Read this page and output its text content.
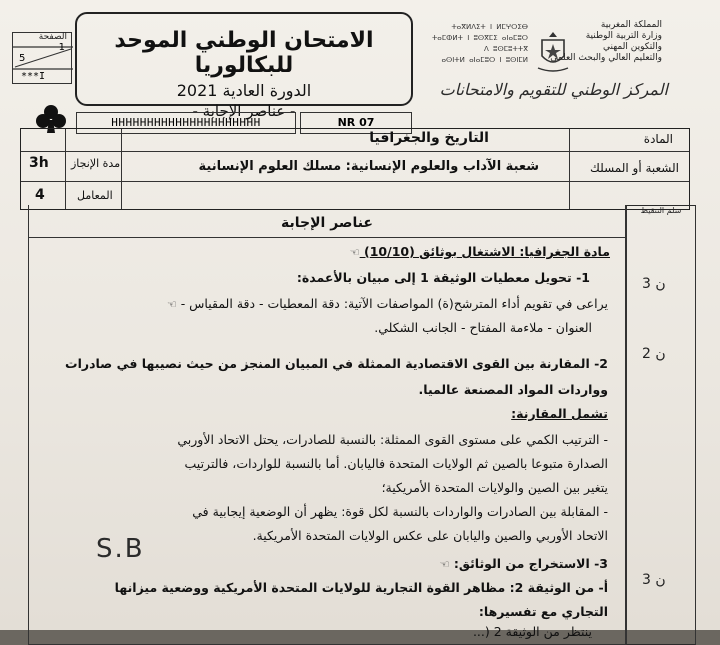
الصفحة
1
5
***I
الامتحان الوطني الموحد للبكالوريا
الدورة العادية 2021
- عناصر الإجابة -
ⵜⴰⴳⵍⴷⵉⵜ ⵏ ⵍⵎⵖⵔⵉⴱ
ⵜⴰⵎⵀⵍⵜ ⵏ ⵓⵙⴳⵎⵉ ⴰⵏⴰⵎⵓⵔ
ⴷ ⵓⵙⵎⵓⵜⵜⴳ
ⴰⵙⵏⵜⵍ ⴰⵏⴰⵎⵓⵔ ⵏ ⵓⵙⵏⵎⵍ
المملكة المغربية
وزارة التربية الوطنية
والتكوين المهني
والتعليم العالي والبحث العلمي
المركز الوطني للتقويم والامتحانات
HHHHHHHHHHHHHHHHHHHHH	NR 07
المادة
التاريخ والجغرافيا
الشعبة أو المسلك
شعبة الآداب والعلوم الإنسانية: مسلك العلوم الإنسانية
مدة الإنجاز
3h
المعامل
4
سلم التنقيط
عناصر الإجابة
مادة الجغرافيا: الاشتغال بوثائق (10/10) ☜
1- تحويل معطيات الوثيقة 1 إلى مبيان بالأعمدة:
يراعى في تقويم أداء المترشح(ة) المواصفات الآتية: دقة المعطيات - دقة المقياس - ☜
العنوان - ملاءمة المفتاح - الجانب الشكلي.
2- المقارنة بين القوى الاقتصادية الممثلة في المبيان المنجز من حيث نصيبها في صادرات
وواردات المواد المصنعة عالميا.
تشمل المقارنة:
- الترتيب الكمي على مستوى القوى الممثلة: بالنسبة للصادرات، يحتل الاتحاد الأوربي
الصدارة متبوعا بالصين ثم الولايات المتحدة فاليابان. أما بالنسبة للواردات، فالترتيب
يتغير بين الصين والولايات المتحدة الأمريكية؛
- المقابلة بين الصادرات والواردات بالنسبة لكل قوة: يظهر أن الوضعية إيجابية في
الاتحاد الأوربي والصين واليابان على عكس الولايات المتحدة الأمريكية.
3- الاستخراج من الوثائق: ☜
أ- من الوثيقة 2: مظاهر القوة التجارية للولايات المتحدة الأمريكية ووضعية ميزانها
التجاري مع تفسيرها:
ينتظر من الوثيقة 2 (...
3 ن
2 ن
3 ن
S.B
